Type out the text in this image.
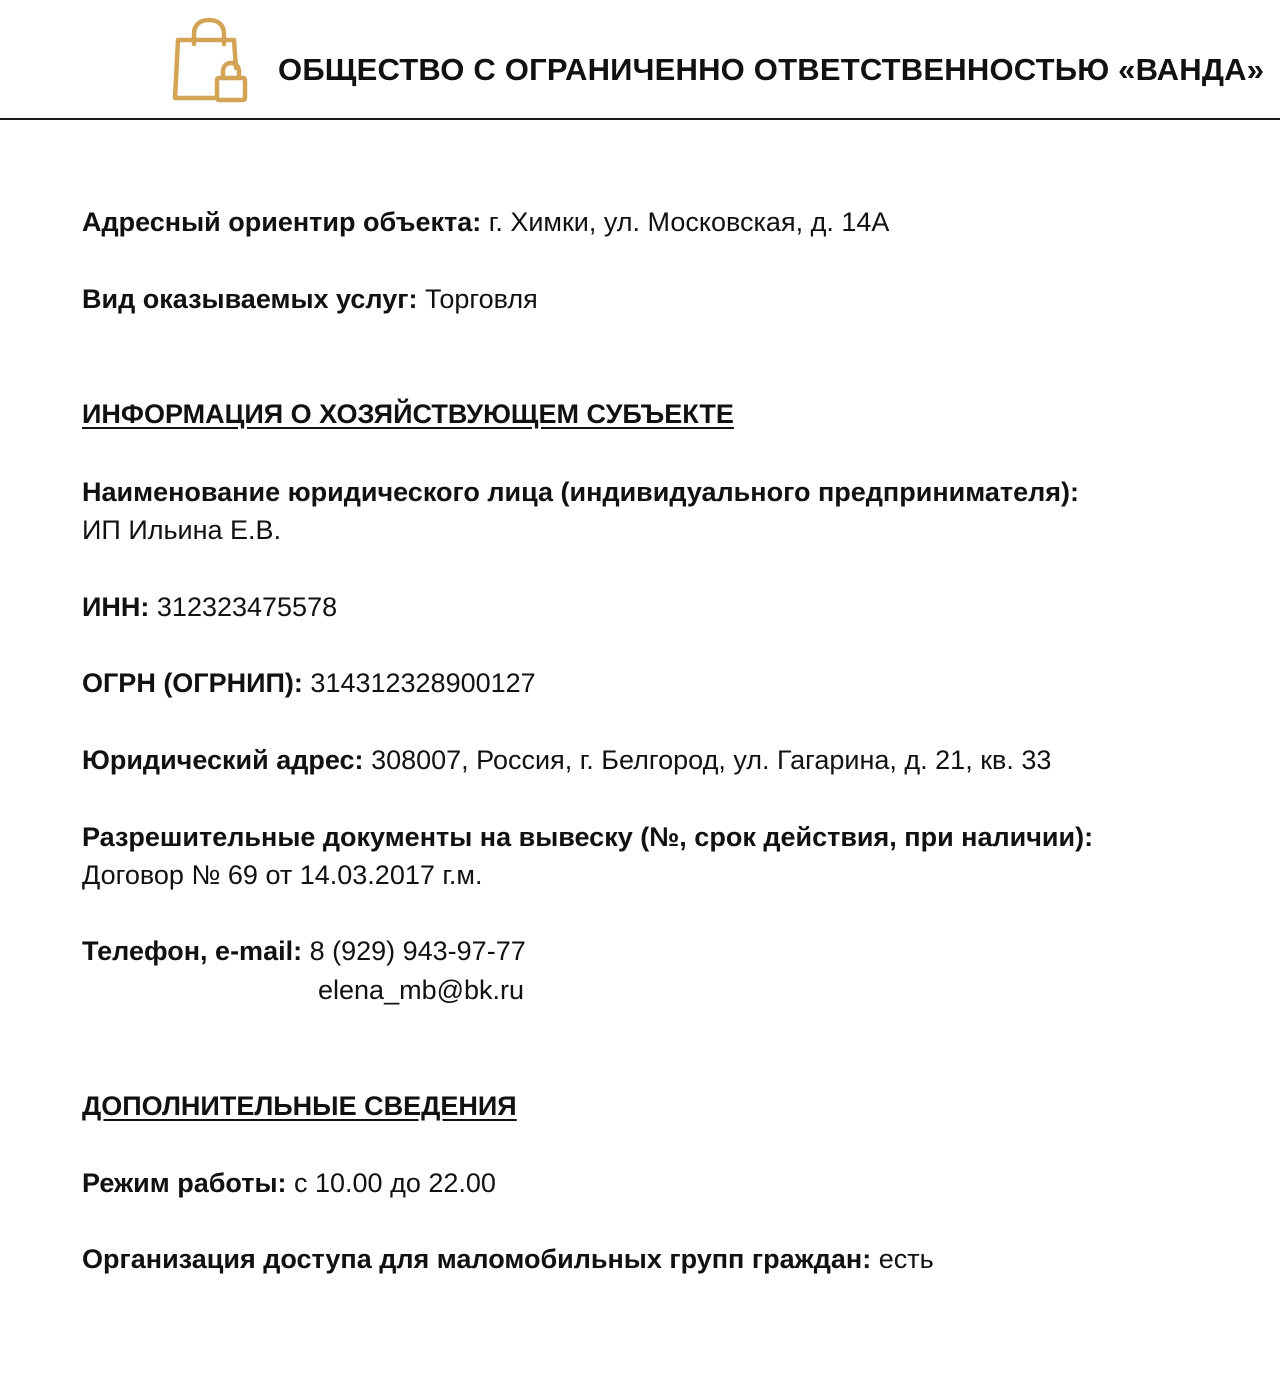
ОБЩЕСТВО С ОГРАНИЧЕННО ОТВЕТСТВЕННОСТЬЮ «ВАНДА»
Адресный ориентир объекта: г. Химки, ул. Московская, д. 14А
Вид оказываемых услуг: Торговля
ИНФОРМАЦИЯ О ХОЗЯЙСТВУЮЩЕМ СУБЪЕКТЕ
Наименование юридического лица (индивидуального предпринимателя):
ИП Ильина Е.В.
ИНН: 312323475578
ОГРН (ОГРНИП): 314312328900127
Юридический адрес: 308007, Россия, г. Белгород, ул. Гагарина, д. 21, кв. 33
Разрешительные документы на вывеску (№, срок действия, при наличии):
Договор № 69 от 14.03.2017 г.м.
Телефон, e-mail: 8 (929) 943-97-77
elena_mb@bk.ru
ДОПОЛНИТЕЛЬНЫЕ СВЕДЕНИЯ
Режим работы: с 10.00 до 22.00
Организация доступа для маломобильных групп граждан: есть
